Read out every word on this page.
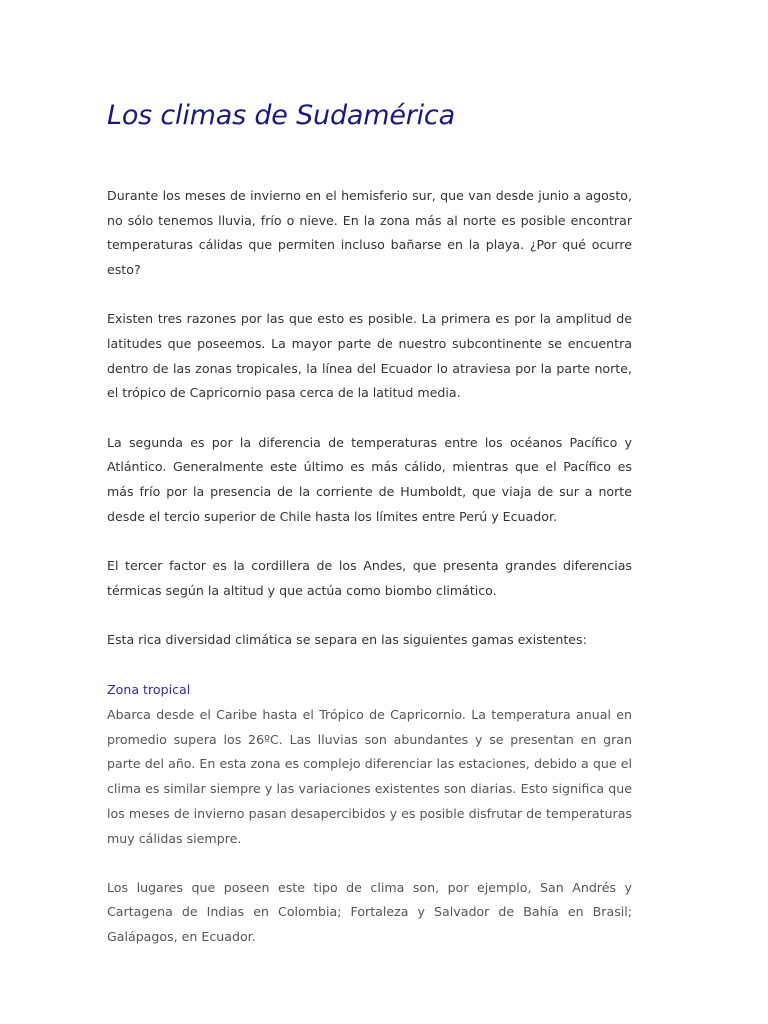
Los climas de Sudamérica

Durante los meses de invierno en el hemisferio sur, que van desde junio a agosto, no sólo tenemos lluvia, frío o nieve. En la zona más al norte es posible encontrar temperaturas cálidas que permiten incluso bañarse en la playa. ¿Por qué ocurre esto?

Existen tres razones por las que esto es posible. La primera es por la amplitud de latitudes que poseemos. La mayor parte de nuestro subcontinente se encuentra dentro de las zonas tropicales, la línea del Ecuador lo atraviesa por la parte norte, el trópico de Capricornio pasa cerca de la latitud media.

La segunda es por la diferencia de temperaturas entre los océanos Pacífico y Atlántico. Generalmente este último es más cálido, mientras que el Pacífico es más frío por la presencia de la corriente de Humboldt, que viaja de sur a norte desde el tercio superior de Chile hasta los límites entre Perú y Ecuador.

El tercer factor es la cordillera de los Andes, que presenta grandes diferencias térmicas según la altitud y que actúa como biombo climático.

Esta rica diversidad climática se separa en las siguientes gamas existentes:

Zona tropical

Abarca desde el Caribe hasta el Trópico de Capricornio. La temperatura anual en promedio supera los 26ºC. Las lluvias son abundantes y se presentan en gran parte del año. En esta zona es complejo diferenciar las estaciones, debido a que el clima es similar siempre y las variaciones existentes son diarias. Esto significa que los meses de invierno pasan desapercibidos y es posible disfrutar de temperaturas muy cálidas siempre.

Los lugares que poseen este tipo de clima son, por ejemplo, San Andrés y Cartagena de Indias en Colombia; Fortaleza y Salvador de Bahía en Brasil; Galápagos, en Ecuador.
